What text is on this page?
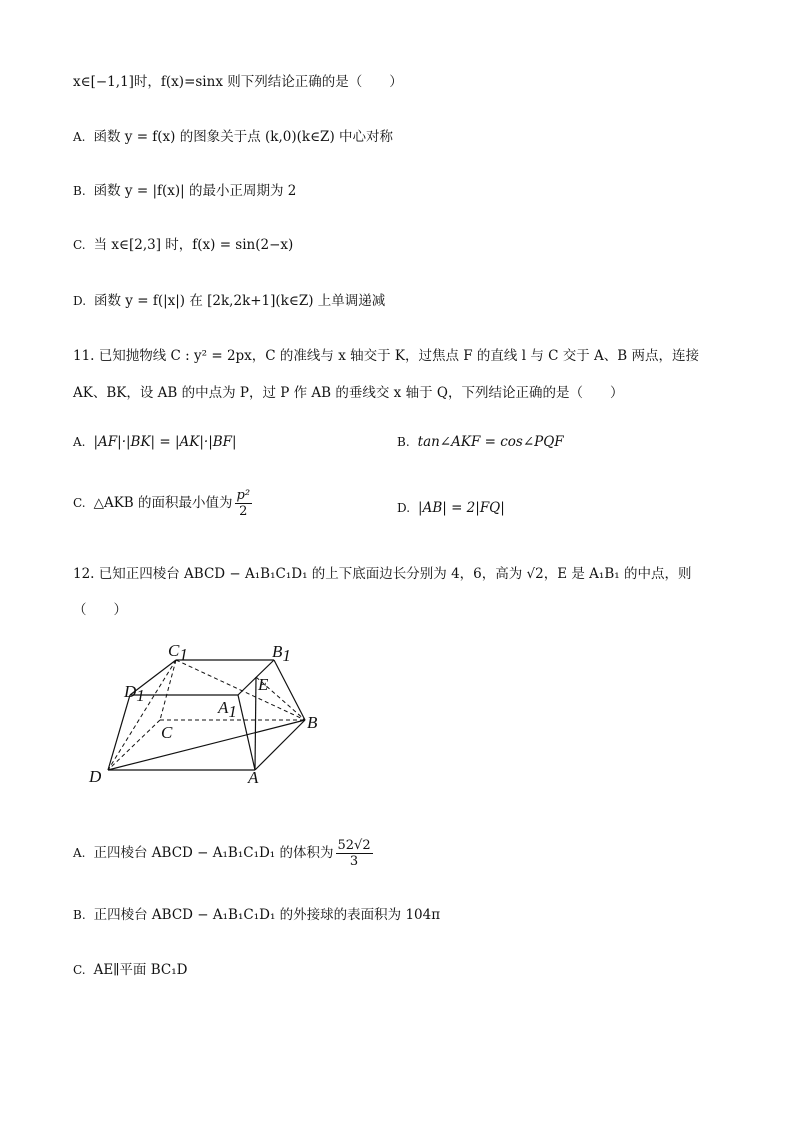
x∈[−1,1]时，f(x)=sinx 则下列结论正确的是（　　）
A. 函数 y = f(x) 的图象关于点 (k,0)(k∈Z) 中心对称
B. 函数 y = |f(x)| 的最小正周期为 2
C. 当 x∈[2,3] 时，f(x) = sin(2−x)
D. 函数 y = f(|x|) 在 [2k,2k+1](k∈Z) 上单调递减
11. 已知抛物线 C : y² = 2px，C 的准线与 x 轴交于 K，过焦点 F 的直线 l 与 C 交于 A、B 两点，连接
AK、BK，设 AB 的中点为 P，过 P 作 AB 的垂线交 x 轴于 Q，下列结论正确的是（　　）
A. |AF|·|BK| = |AK|·|BF|	B. tan∠AKF = cos∠PQF
C. △AKB 的面积最小值为 $\frac{\text{p²}}{2}$	D. |AB| = 2|FQ|
12. 已知正四棱台 ABCD − A₁B₁C₁D₁ 的上下底面边长分别为 4，6，高为 √2，E 是 A₁B₁ 的中点，则
（　　）
C1	B1
D1
A1
E
C
B
D	A
A. 正四棱台 ABCD − A₁B₁C₁D₁ 的体积为 $\frac{52√2}{3}$
B. 正四棱台 ABCD − A₁B₁C₁D₁ 的外接球的表面积为 104π
C. AE∥平面 BC₁D
